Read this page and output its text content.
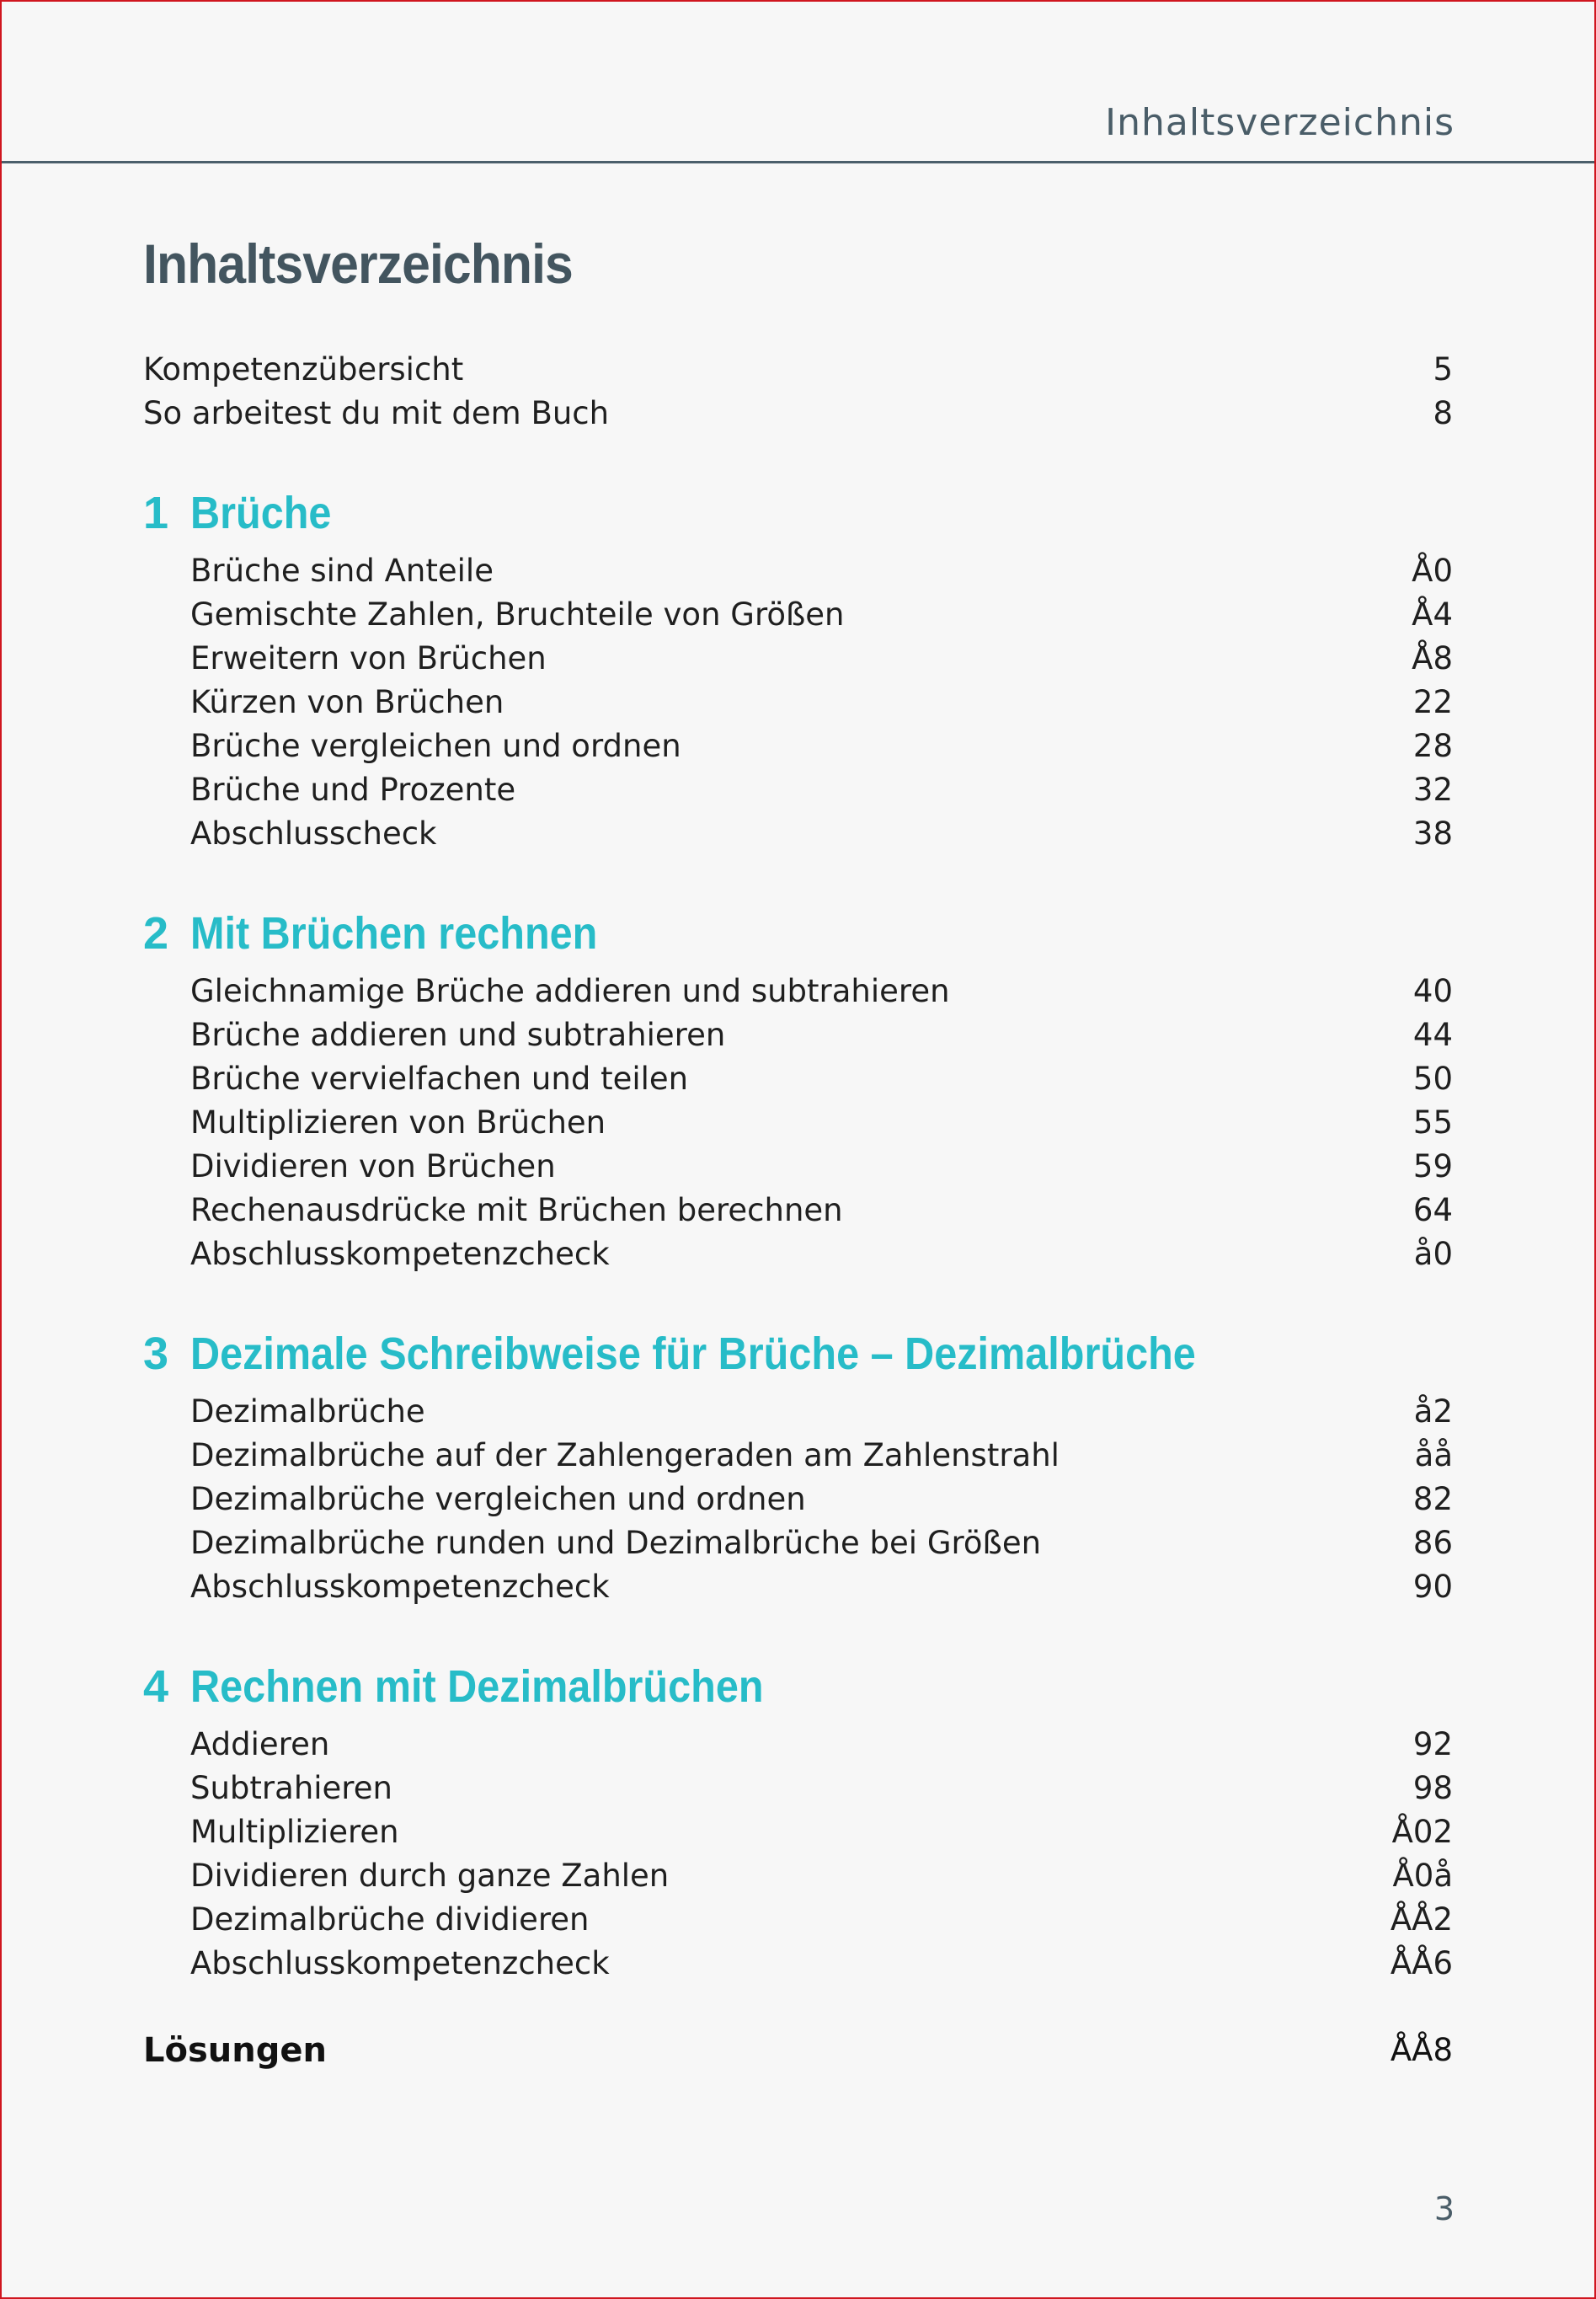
Inhaltsverzeichnis
Inhaltsverzeichnis
Kompetenzübersicht	5
So arbeitest du mit dem Buch	8
1 Brüche
Brüche sind Anteile	Å0
Gemischte Zahlen, Bruchteile von Größen	Å4
Erweitern von Brüchen	Å8
Kürzen von Brüchen	22
Brüche vergleichen und ordnen	28
Brüche und Prozente	32
Abschlusscheck	38
2 Mit Brüchen rechnen
Gleichnamige Brüche addieren und subtrahieren	40
Brüche addieren und subtrahieren	44
Brüche vervielfachen und teilen	50
Multiplizieren von Brüchen	55
Dividieren von Brüchen	59
Rechenausdrücke mit Brüchen berechnen	64
Abschlusskompetenzcheck	å0
3 Dezimale Schreibweise für Brüche – Dezimalbrüche
Dezimalbrüche	å2
Dezimalbrüche auf der Zahlengeraden am Zahlenstrahl	åå
Dezimalbrüche vergleichen und ordnen	82
Dezimalbrüche runden und Dezimalbrüche bei Größen	86
Abschlusskompetenzcheck	90
4 Rechnen mit Dezimalbrüchen
Addieren	92
Subtrahieren	98
Multiplizieren	Å02
Dividieren durch ganze Zahlen	Å0å
Dezimalbrüche dividieren	ÅÅ2
Abschlusskompetenzcheck	ÅÅ6
Lösungen	ÅÅ8
3
